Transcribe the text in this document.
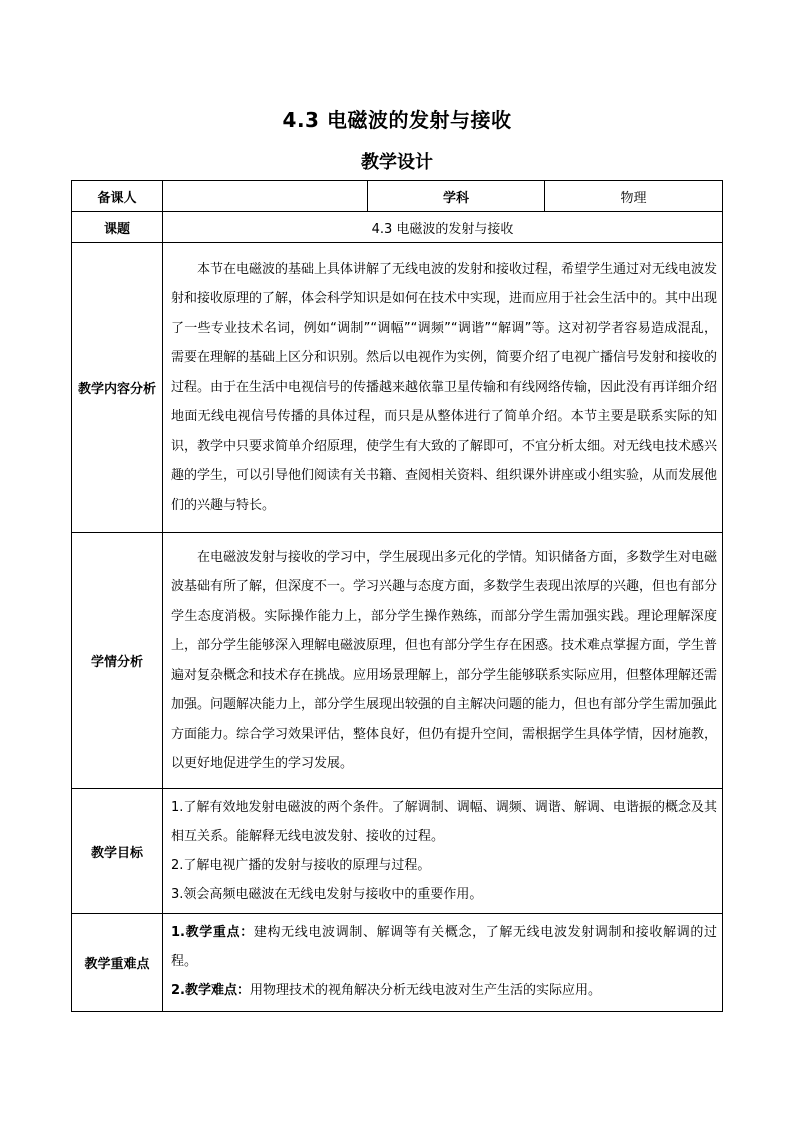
4.3 电磁波的发射与接收
教学设计
备课人		学科	物理
课题	4.3 电磁波的发射与接收		
教学内容分析	本节在电磁波的基础上具体讲解了无线电波的发射和接收过程，希望学生通过对无线电波发射和接收原理的了解，体会科学知识是如何在技术中实现，进而应用于社会生活中的。其中出现了一些专业技术名词，例如“调制”“调幅”“调频”“调谐”“解调”等。这对初学者容易造成混乱，需要在理解的基础上区分和识别。然后以电视作为实例，简要介绍了电视广播信号发射和接收的过程。由于在生活中电视信号的传播越来越依靠卫星传输和有线网络传输，因此没有再详细介绍地面无线电视信号传播的具体过程，而只是从整体进行了简单介绍。本节主要是联系实际的知识，教学中只要求简单介绍原理，使学生有大致的了解即可，不宜分析太细。对无线电技术感兴趣的学生，可以引导他们阅读有关书籍、查阅相关资料、组织课外讲座或小组实验，从而发展他们的兴趣与特长。		

学情分析	在电磁波发射与接收的学习中，学生展现出多元化的学情。知识储备方面，多数学生对电磁波基础有所了解，但深度不一。学习兴趣与态度方面，多数学生表现出浓厚的兴趣，但也有部分学生态度消极。实际操作能力上，部分学生操作熟练，而部分学生需加强实践。理论理解深度上，部分学生能够深入理解电磁波原理，但也有部分学生存在困惑。技术难点掌握方面，学生普遍对复杂概念和技术存在挑战。应用场景理解上，部分学生能够联系实际应用，但整体理解还需加强。问题解决能力上，部分学生展现出较强的自主解决问题的能力，但也有部分学生需加强此方面能力。综合学习效果评估，整体良好，但仍有提升空间，需根据学生具体学情，因材施教，以更好地促进学生的学习发展。		

教学目标	1.了解有效地发射电磁波的两个条件。了解调制、调幅、调频、调谐、解调、电谐振的概念及其相互关系。能解释无线电波发射、接收的过程。

2.了解电视广播的发射与接收的原理与过程。

3.领会高频电磁波在无线电发射与接收中的重要作用。		

教学重难点	1.教学重点：建构无线电波调制、解调等有关概念，了解无线电波发射调制和接收解调的过程。

2.教学难点：用物理技术的视角解决分析无线电波对生产生活的实际应用。		
